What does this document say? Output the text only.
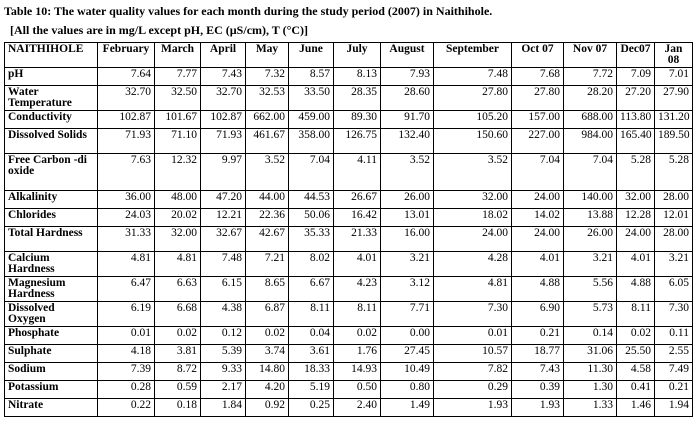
Table 10: The water quality values for each month during the study period (2007) in Naithihole.
[All the values are in mg/L except pH, EC (µS/cm), T (°C)]
NAITHIHOLE	February	March	April	May	June	July	August	September	Oct 07	Nov 07	Dec07	Jan 08
pH	7.64	7.77	7.43	7.32	8.57	8.13	7.93	7.48	7.68	7.72	7.09	7.01
Water Temperature	32.70	32.50	32.70	32.53	33.50	28.35	28.60	27.80	27.80	28.20	27.20	27.90
Conductivity	102.87	101.67	102.87	662.00	459.00	89.30	91.70	105.20	157.00	688.00	113.80	131.20
Dissolved Solids	71.93	71.10	71.93	461.67	358.00	126.75	132.40	150.60	227.00	984.00	165.40	189.50
Free Carbon -di oxide	7.63	12.32	9.97	3.52	7.04	4.11	3.52	3.52	7.04	7.04	5.28	5.28
Alkalinity	36.00	48.00	47.20	44.00	44.53	26.67	26.00	32.00	24.00	140.00	32.00	28.00
Chlorides	24.03	20.02	12.21	22.36	50.06	16.42	13.01	18.02	14.02	13.88	12.28	12.01
Total Hardness	31.33	32.00	32.67	42.67	35.33	21.33	16.00	24.00	24.00	26.00	24.00	28.00
Calcium Hardness	4.81	4.81	7.48	7.21	8.02	4.01	3.21	4.28	4.01	3.21	4.01	3.21
Magnesium Hardness	6.47	6.63	6.15	8.65	6.67	4.23	3.12	4.81	4.88	5.56	4.88	6.05
Dissolved Oxygen	6.19	6.68	4.38	6.87	8.11	8.11	7.71	7.30	6.90	5.73	8.11	7.30
Phosphate	0.01	0.02	0.12	0.02	0.04	0.02	0.00	0.01	0.21	0.14	0.02	0.11
Sulphate	4.18	3.81	5.39	3.74	3.61	1.76	27.45	10.57	18.77	31.06	25.50	2.55
Sodium	7.39	8.72	9.33	14.80	18.33	14.93	10.49	7.82	7.43	11.30	4.58	7.49
Potassium	0.28	0.59	2.17	4.20	5.19	0.50	0.80	0.29	0.39	1.30	0.41	0.21
Nitrate	0.22	0.18	1.84	0.92	0.25	2.40	1.49	1.93	1.93	1.33	1.46	1.94
